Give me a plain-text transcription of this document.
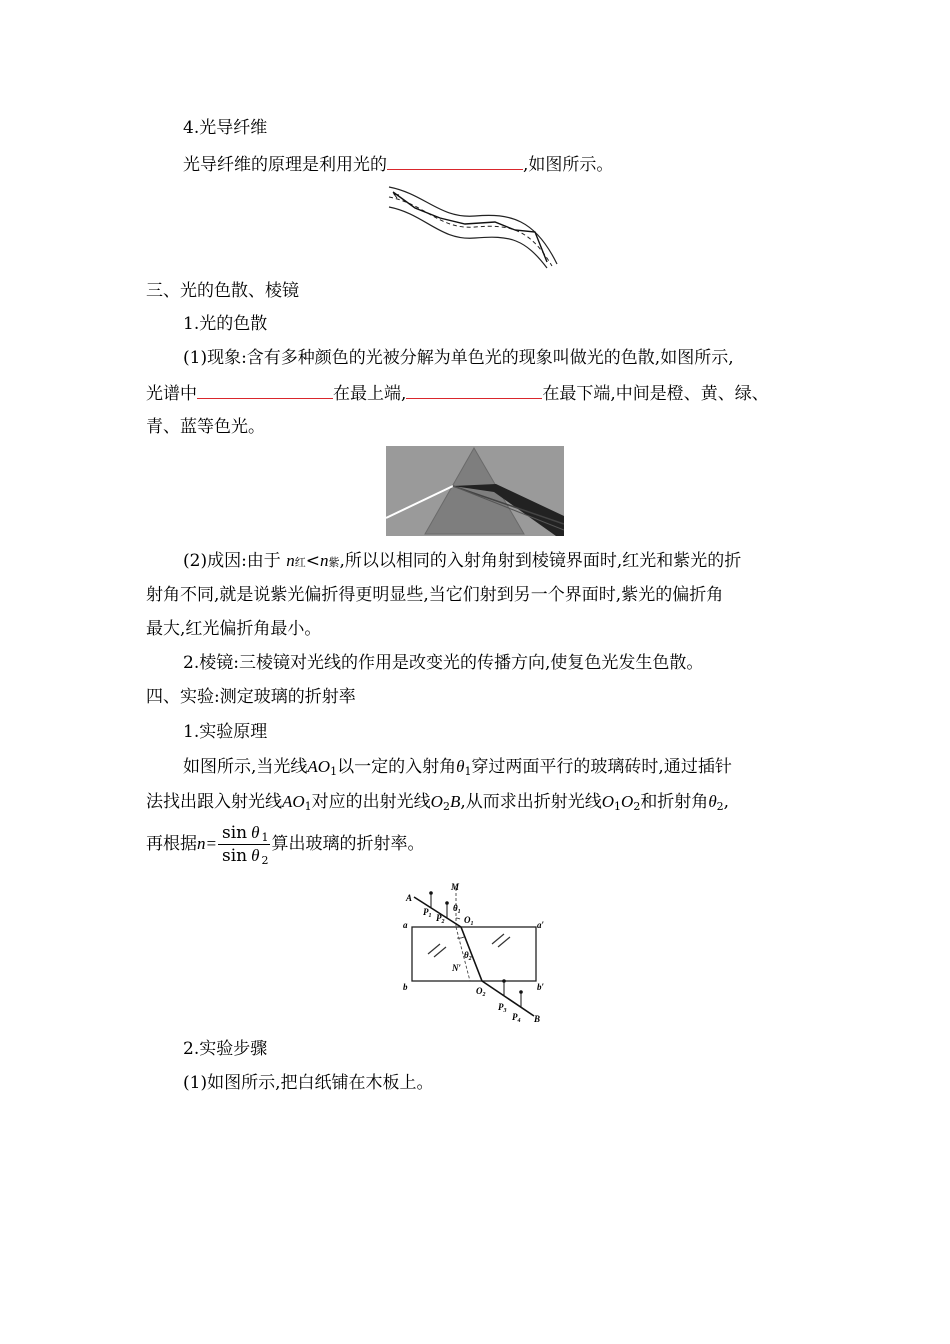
4.光导纤维
光导纤维的原理是利用光的	,如图所示。
三、光的色散、棱镜
1.光的色散
(1)现象:含有多种颜色的光被分解为单色光的现象叫做光的色散,如图所示,
光谱中	在最上端,	在最下端,中间是橙、黄、绿、
青、蓝等色光。
(2)成因:由于 n红<n紫,所以以相同的入射角射到棱镜界面时,红光和紫光的折
射角不同,就是说紫光偏折得更明显些,当它们射到另一个界面时,紫光的偏折角
最大,红光偏折角最小。
2.棱镜:三棱镜对光线的作用是改变光的传播方向,使复色光发生色散。
四、实验:测定玻璃的折射率
1.实验原理
如图所示,当光线$AO_1$以一定的入射角$\theta_1$穿过两面平行的玻璃砖时,通过插针
法找出跟入射光线$AO_1$对应的出射光线$O_2B$,从而求出折射光线$O_1O_2$和折射角$\theta_2$,
再根据$n= \frac{\sin \theta _1}{\sin \theta _2}$ 算出玻璃的折射率。
A
M
$P_1$ $P_2$
$\theta_1$
$O_1$
a	a′
N′
$\theta_2$
b	b′
$O_2$
$P_3$
$P_4$ B
2.实验步骤
(1)如图所示,把白纸铺在木板上。
